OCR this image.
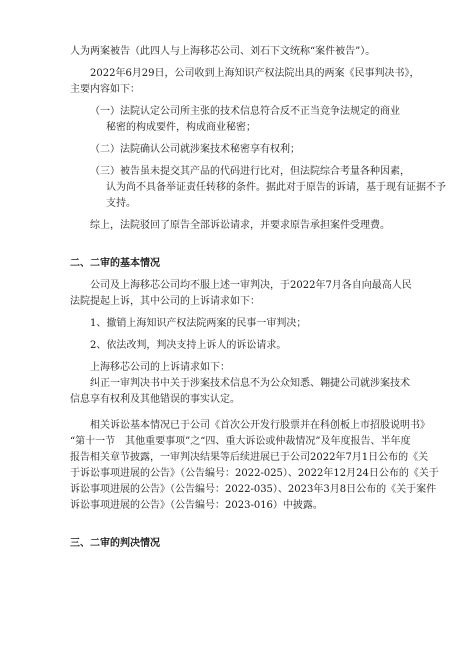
人为两案被告（此四人与上海移芯公司、刘石下文统称“案件被告”）。

2022年6月29日，公司收到上海知识产权法院出具的两案《民事判决书》，

主要内容如下：

（一）法院认定公司所主张的技术信息符合反不正当竞争法规定的商业

秘密的构成要件，构成商业秘密；

（二）法院确认公司就涉案技术秘密享有权利；

（三）被告虽未提交其产品的代码进行比对，但法院综合考量各种因素，

认为尚不具备举证责任转移的条件。据此对于原告的诉请，基于现有证据不予

支持。

综上，法院驳回了原告全部诉讼请求，并要求原告承担案件受理费。

二、二审的基本情况

公司及上海移芯公司均不服上述一审判决，于2022年7月各自向最高人民

法院提起上诉，其中公司的上诉请求如下：

1、撤销上海知识产权法院两案的民事一审判决；

2、依法改判，判决支持上诉人的诉讼请求。

上海移芯公司的上诉请求如下：

纠正一审判决书中关于涉案技术信息不为公众知悉、翱捷公司就涉案技术

信息享有权利及其他错误的事实认定。

相关诉讼基本情况已于公司《首次公开发行股票并在科创板上市招股说明书》

“第十一节　其他重要事项”之“四、重大诉讼或仲裁情况”及年度报告、半年度

报告相关章节披露，一审判决结果等后续进展已于公司2022年7月1日公布的《关

于诉讼事项进展的公告》（公告编号：2022-025）、2022年12月24日公布的《关于

诉讼事项进展的公告》（公告编号：2022-035）、2023年3月8日公布的《关于案件

诉讼事项进展的公告》（公告编号：2023-016）中披露。

三、二审的判决情况
